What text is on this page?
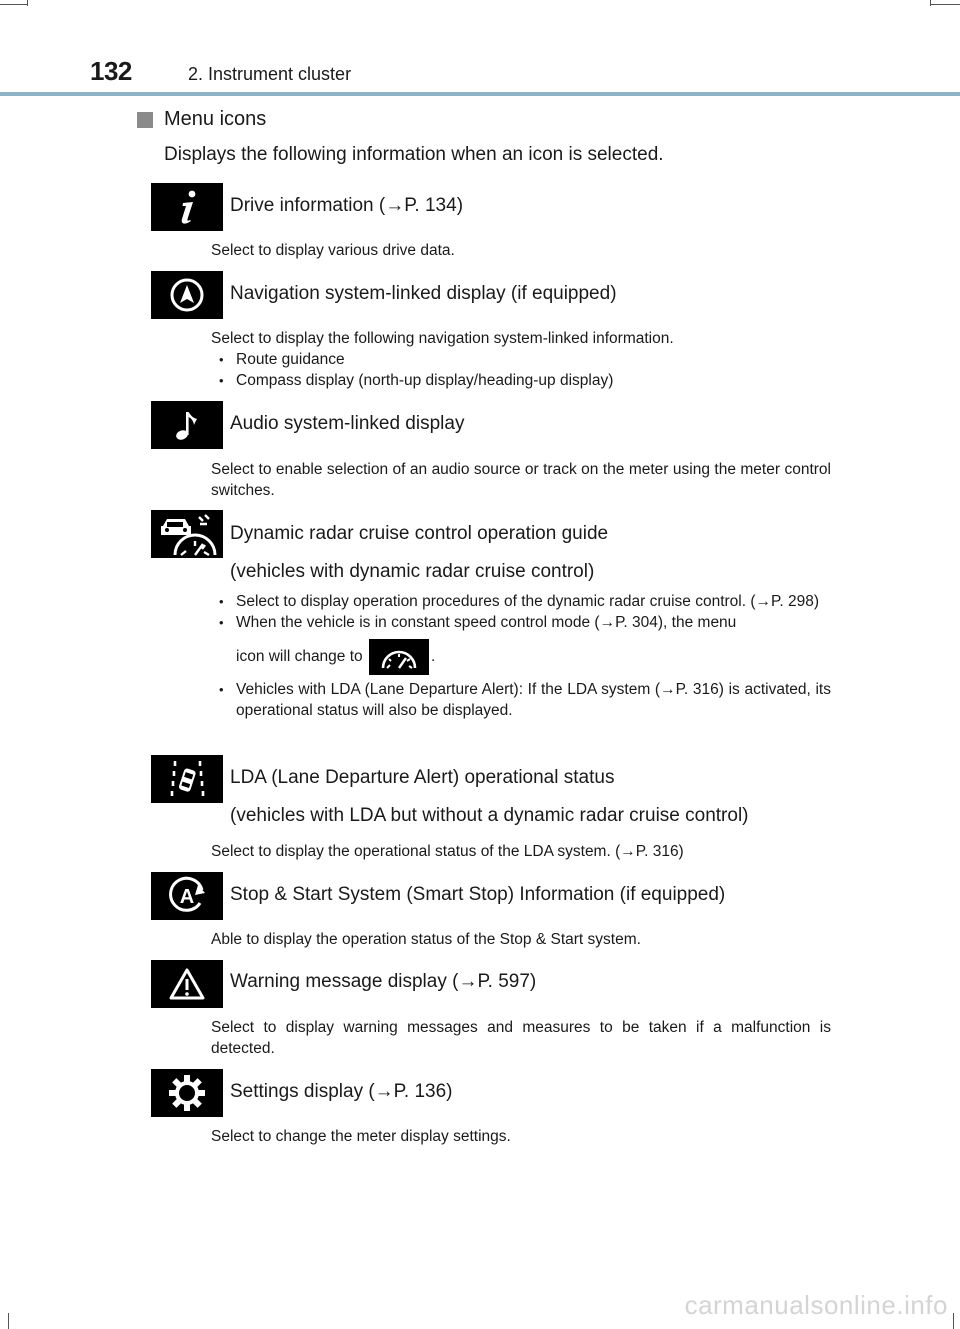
132	2. Instrument cluster
Menu icons
Displays the following information when an icon is selected.
Drive information (→P. 134)
Select to display various drive data.
Navigation system-linked display (if equipped)
Select to display the following navigation system-linked information.
• Route guidance
• Compass display (north-up display/heading-up display)
Audio system-linked display
Select to enable selection of an audio source or track on the meter using the meter control switches.
Dynamic radar cruise control operation guide
(vehicles with dynamic radar cruise control)
• Select to display operation procedures of the dynamic radar cruise control. (→P. 298)
• When the vehicle is in constant speed control mode (→P. 304), the menu
icon will change to	.
• Vehicles with LDA (Lane Departure Alert): If the LDA system (→P. 316) is activated, its operational status will also be displayed.
LDA (Lane Departure Alert) operational status
(vehicles with LDA but without a dynamic radar cruise control)
Select to display the operational status of the LDA system. (→P. 316)
A Stop & Start System (Smart Stop) Information (if equipped)
Able to display the operation status of the Stop & Start system.
Warning message display (→P. 597)
Select to display warning messages and measures to be taken if a malfunction is detected.
Settings display (→P. 136)
Select to change the meter display settings.
carmanualsonline.info
